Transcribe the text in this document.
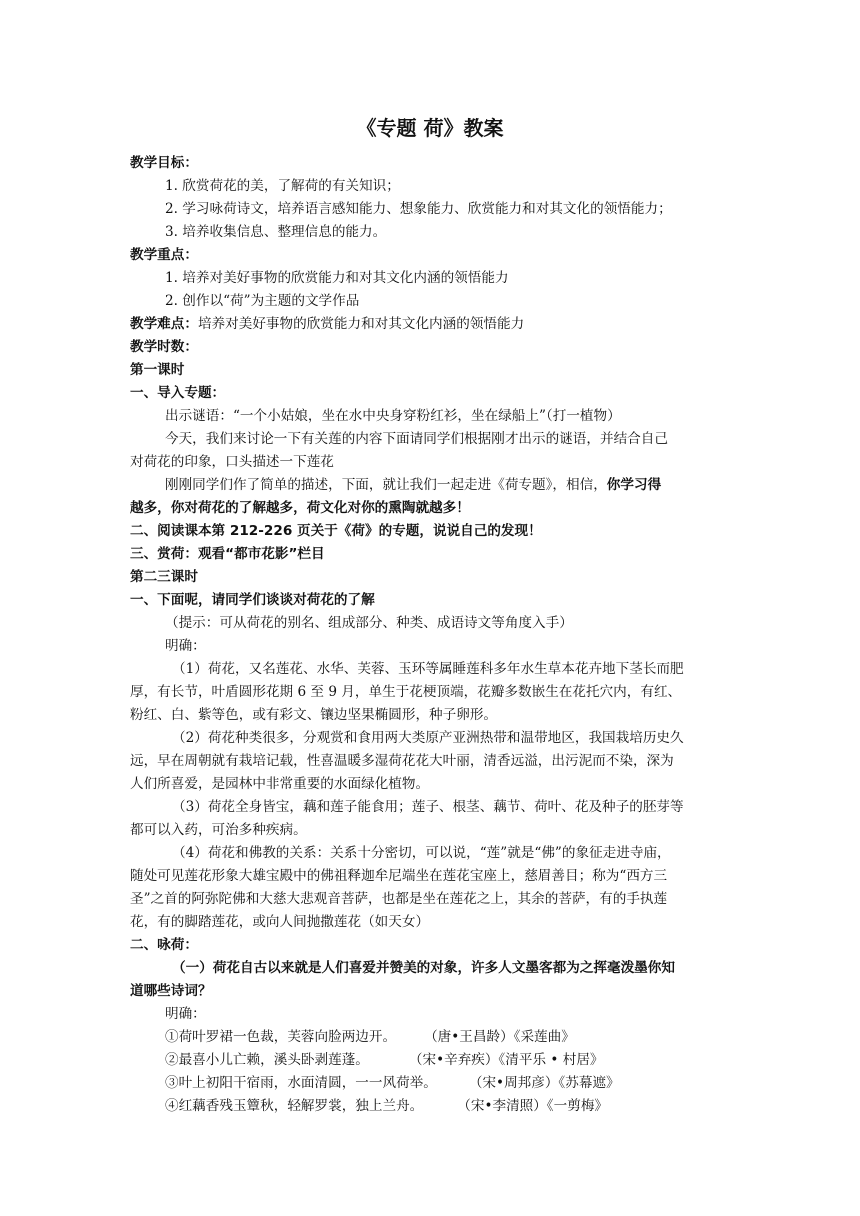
《专题 荷》教案
教学目标：
1. 欣赏荷花的美，了解荷的有关知识；
2. 学习咏荷诗文，培养语言感知能力、想象能力、欣赏能力和对其文化的领悟能力；
3. 培养收集信息、整理信息的能力。
教学重点：
1. 培养对美好事物的欣赏能力和对其文化内涵的领悟能力
2. 创作以“荷”为主题的文学作品
教学难点：培养对美好事物的欣赏能力和对其文化内涵的领悟能力
教学时数：
第一课时
一、导入专题：
出示谜语：“一个小姑娘，坐在水中央身穿粉红衫，坐在绿船上”（打一植物）
今天，我们来讨论一下有关莲的内容下面请同学们根据刚才出示的谜语，并结合自己
对荷花的印象，口头描述一下莲花
刚刚同学们作了简单的描述，下面，就让我们一起走进《荷专题》，相信，你学习得
越多，你对荷花的了解越多，荷文化对你的熏陶就越多！
二、阅读课本第 212-226 页关于《荷》的专题，说说自己的发现！
三、赏荷：观看“都市花影”栏目
第二三课时
一、下面呢，请同学们谈谈对荷花的了解
（提示：可从荷花的别名、组成部分、种类、成语诗文等角度入手）
明确：
（1）荷花，又名莲花、水华、芙蓉、玉环等属睡莲科多年水生草本花卉地下茎长而肥
厚，有长节，叶盾圆形花期 6 至 9 月，单生于花梗顶端，花瓣多数嵌生在花托穴内，有红、
粉红、白、紫等色，或有彩文、镶边坚果椭圆形，种子卵形。
（2）荷花种类很多，分观赏和食用两大类原产亚洲热带和温带地区，我国栽培历史久
远，早在周朝就有栽培记载，性喜温暖多湿荷花花大叶丽，清香远溢，出污泥而不染，深为
人们所喜爱，是园林中非常重要的水面绿化植物。
（3）荷花全身皆宝，藕和莲子能食用；莲子、根茎、藕节、荷叶、花及种子的胚芽等
都可以入药，可治多种疾病。
（4）荷花和佛教的关系：关系十分密切，可以说，“莲”就是“佛”的象征走进寺庙，
随处可见莲花形象大雄宝殿中的佛祖释迦牟尼端坐在莲花宝座上，慈眉善目；称为“西方三
圣”之首的阿弥陀佛和大慈大悲观音菩萨，也都是坐在莲花之上，其余的菩萨，有的手执莲
花，有的脚踏莲花，或向人间抛撒莲花（如天女）
二、咏荷：
（一）荷花自古以来就是人们喜爱并赞美的对象，许多人文墨客都为之挥毫泼墨你知
道哪些诗词？
明确：
①荷叶罗裙一色裁，芙蓉向脸两边开。 （唐•王昌龄）《采莲曲》
②最喜小儿亡赖，溪头卧剥莲蓬。	（宋•辛弃疾）《清平乐 • 村居》
③叶上初阳干宿雨，水面清圆，一一风荷举。 （宋•周邦彦）《苏幕遮》
④红藕香残玉簟秋，轻解罗裳，独上兰舟。	（宋•李清照）《一剪梅》
